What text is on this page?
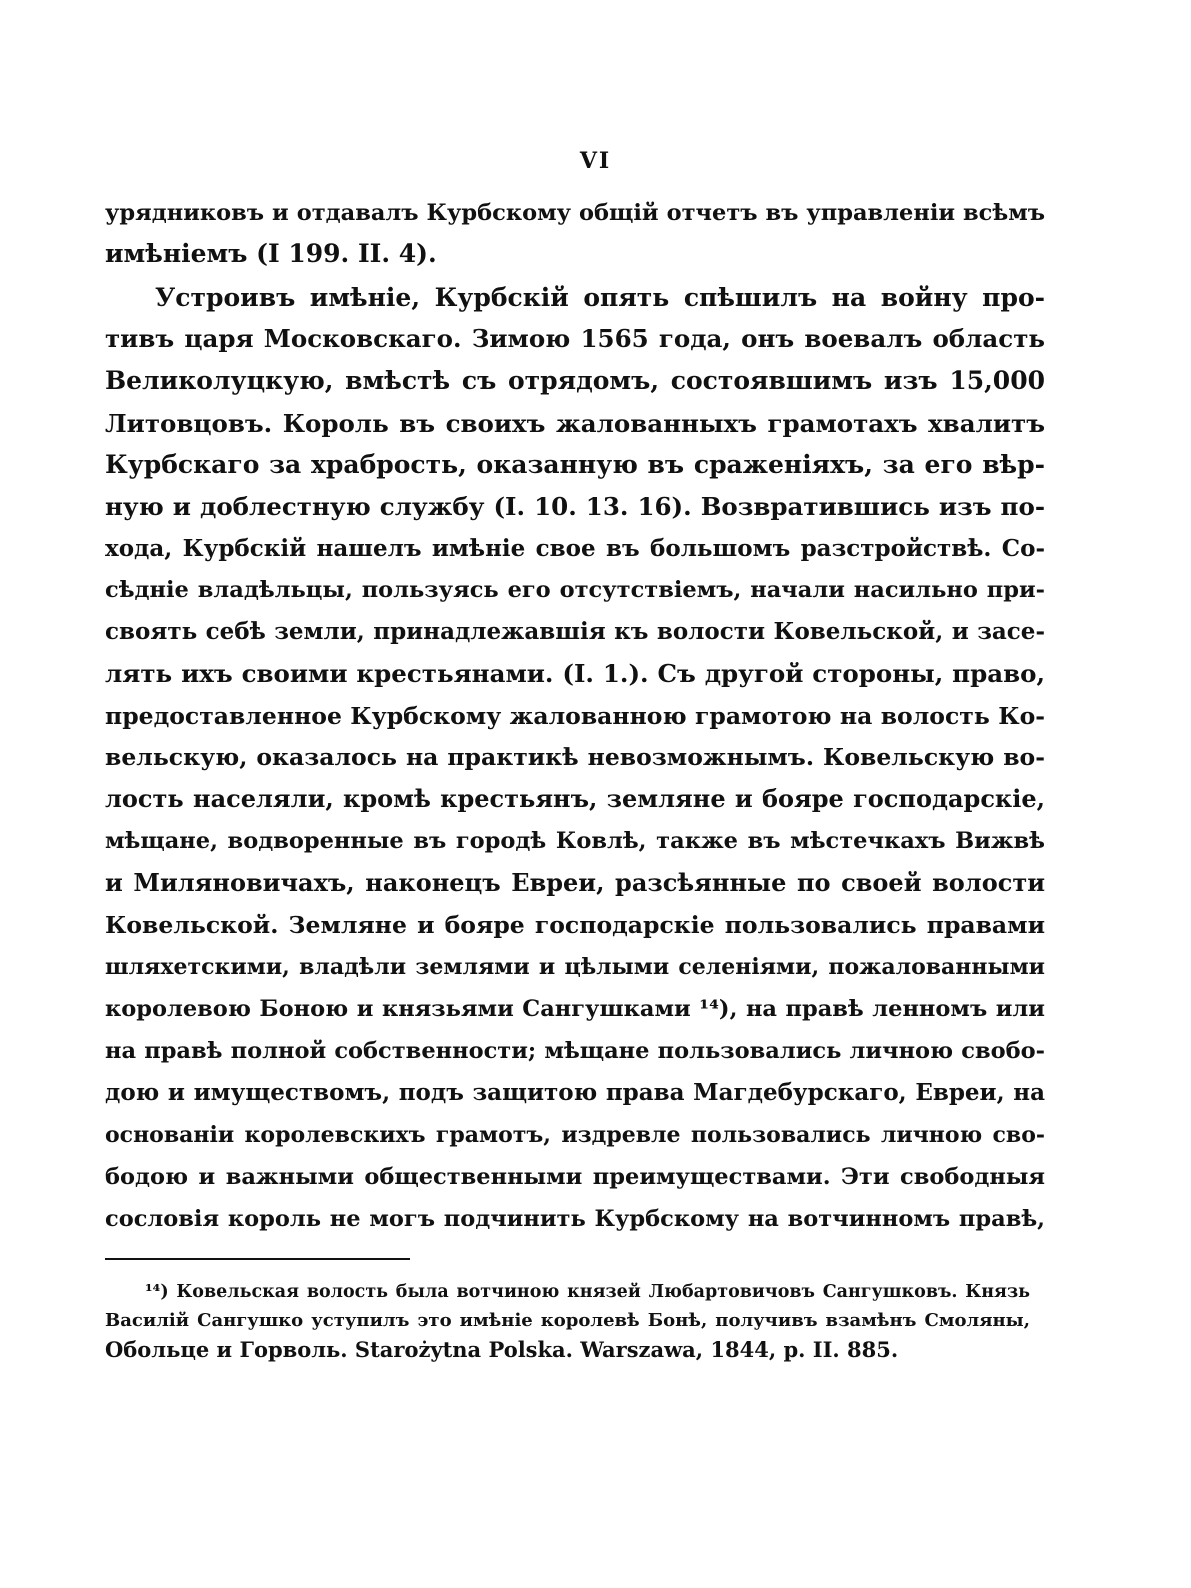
VI
урядниковъ и отдавалъ Курбскому общій отчетъ въ управленіи всѣмъ
имѣніемъ (I 199. II. 4).
Устроивъ имѣніе, Курбскій опять спѣшилъ на войну про-
тивъ царя Московскаго. Зимою 1565 года, онъ воевалъ область
Великолуцкую, вмѣстѣ съ отрядомъ, состоявшимъ изъ 15,000
Литовцовъ. Король въ своихъ жалованныхъ грамотахъ хвалитъ
Курбскаго за храбрость, оказанную въ сраженіяхъ, за его вѣр-
ную и доблестную службу (I. 10. 13. 16). Возвратившись изъ по-
хода, Курбскій нашелъ имѣніе свое въ большомъ разстройствѣ. Со-
сѣдніе владѣльцы, пользуясь его отсутствіемъ, начали насильно при-
своять себѣ земли, принадлежавшія къ волости Ковельской, и засе-
лять ихъ своими крестьянами. (I. 1.). Съ другой стороны, право,
предоставленное Курбскому жалованною грамотою на волость Ко-
вельскую, оказалось на практикѣ невозможнымъ. Ковельскую во-
лость населяли, кромѣ крестьянъ, земляне и бояре господарскіе,
мѣщане, водворенные въ городѣ Ковлѣ, также въ мѣстечкахъ Вижвѣ
и Миляновичахъ, наконецъ Евреи, разсѣянные по своей волости
Ковельской. Земляне и бояре господарскіе пользовались правами
шляхетскими, владѣли землями и цѣлыми селеніями, пожалованными
королевою Боною и князьями Сангушками ¹⁴), на правѣ ленномъ или
на правѣ полной собственности; мѣщане пользовались личною свобо-
дою и имуществомъ, подъ защитою права Магдебурскаго, Евреи, на
основаніи королевскихъ грамотъ, издревле пользовались личною сво-
бодою и важными общественными преимуществами. Эти свободныя
сословія король не могъ подчинить Курбскому на вотчинномъ правѣ,
¹⁴) Ковельская волость была вотчиною князей Любартовичовъ Сангушковъ. Князь
Василій Сангушко уступилъ это имѣніе королевѣ Бонѣ, получивъ взамѣнъ Смоляны,
Обольце и Горволь. Starożytna Polska. Warszawa, 1844, p. II. 885.
